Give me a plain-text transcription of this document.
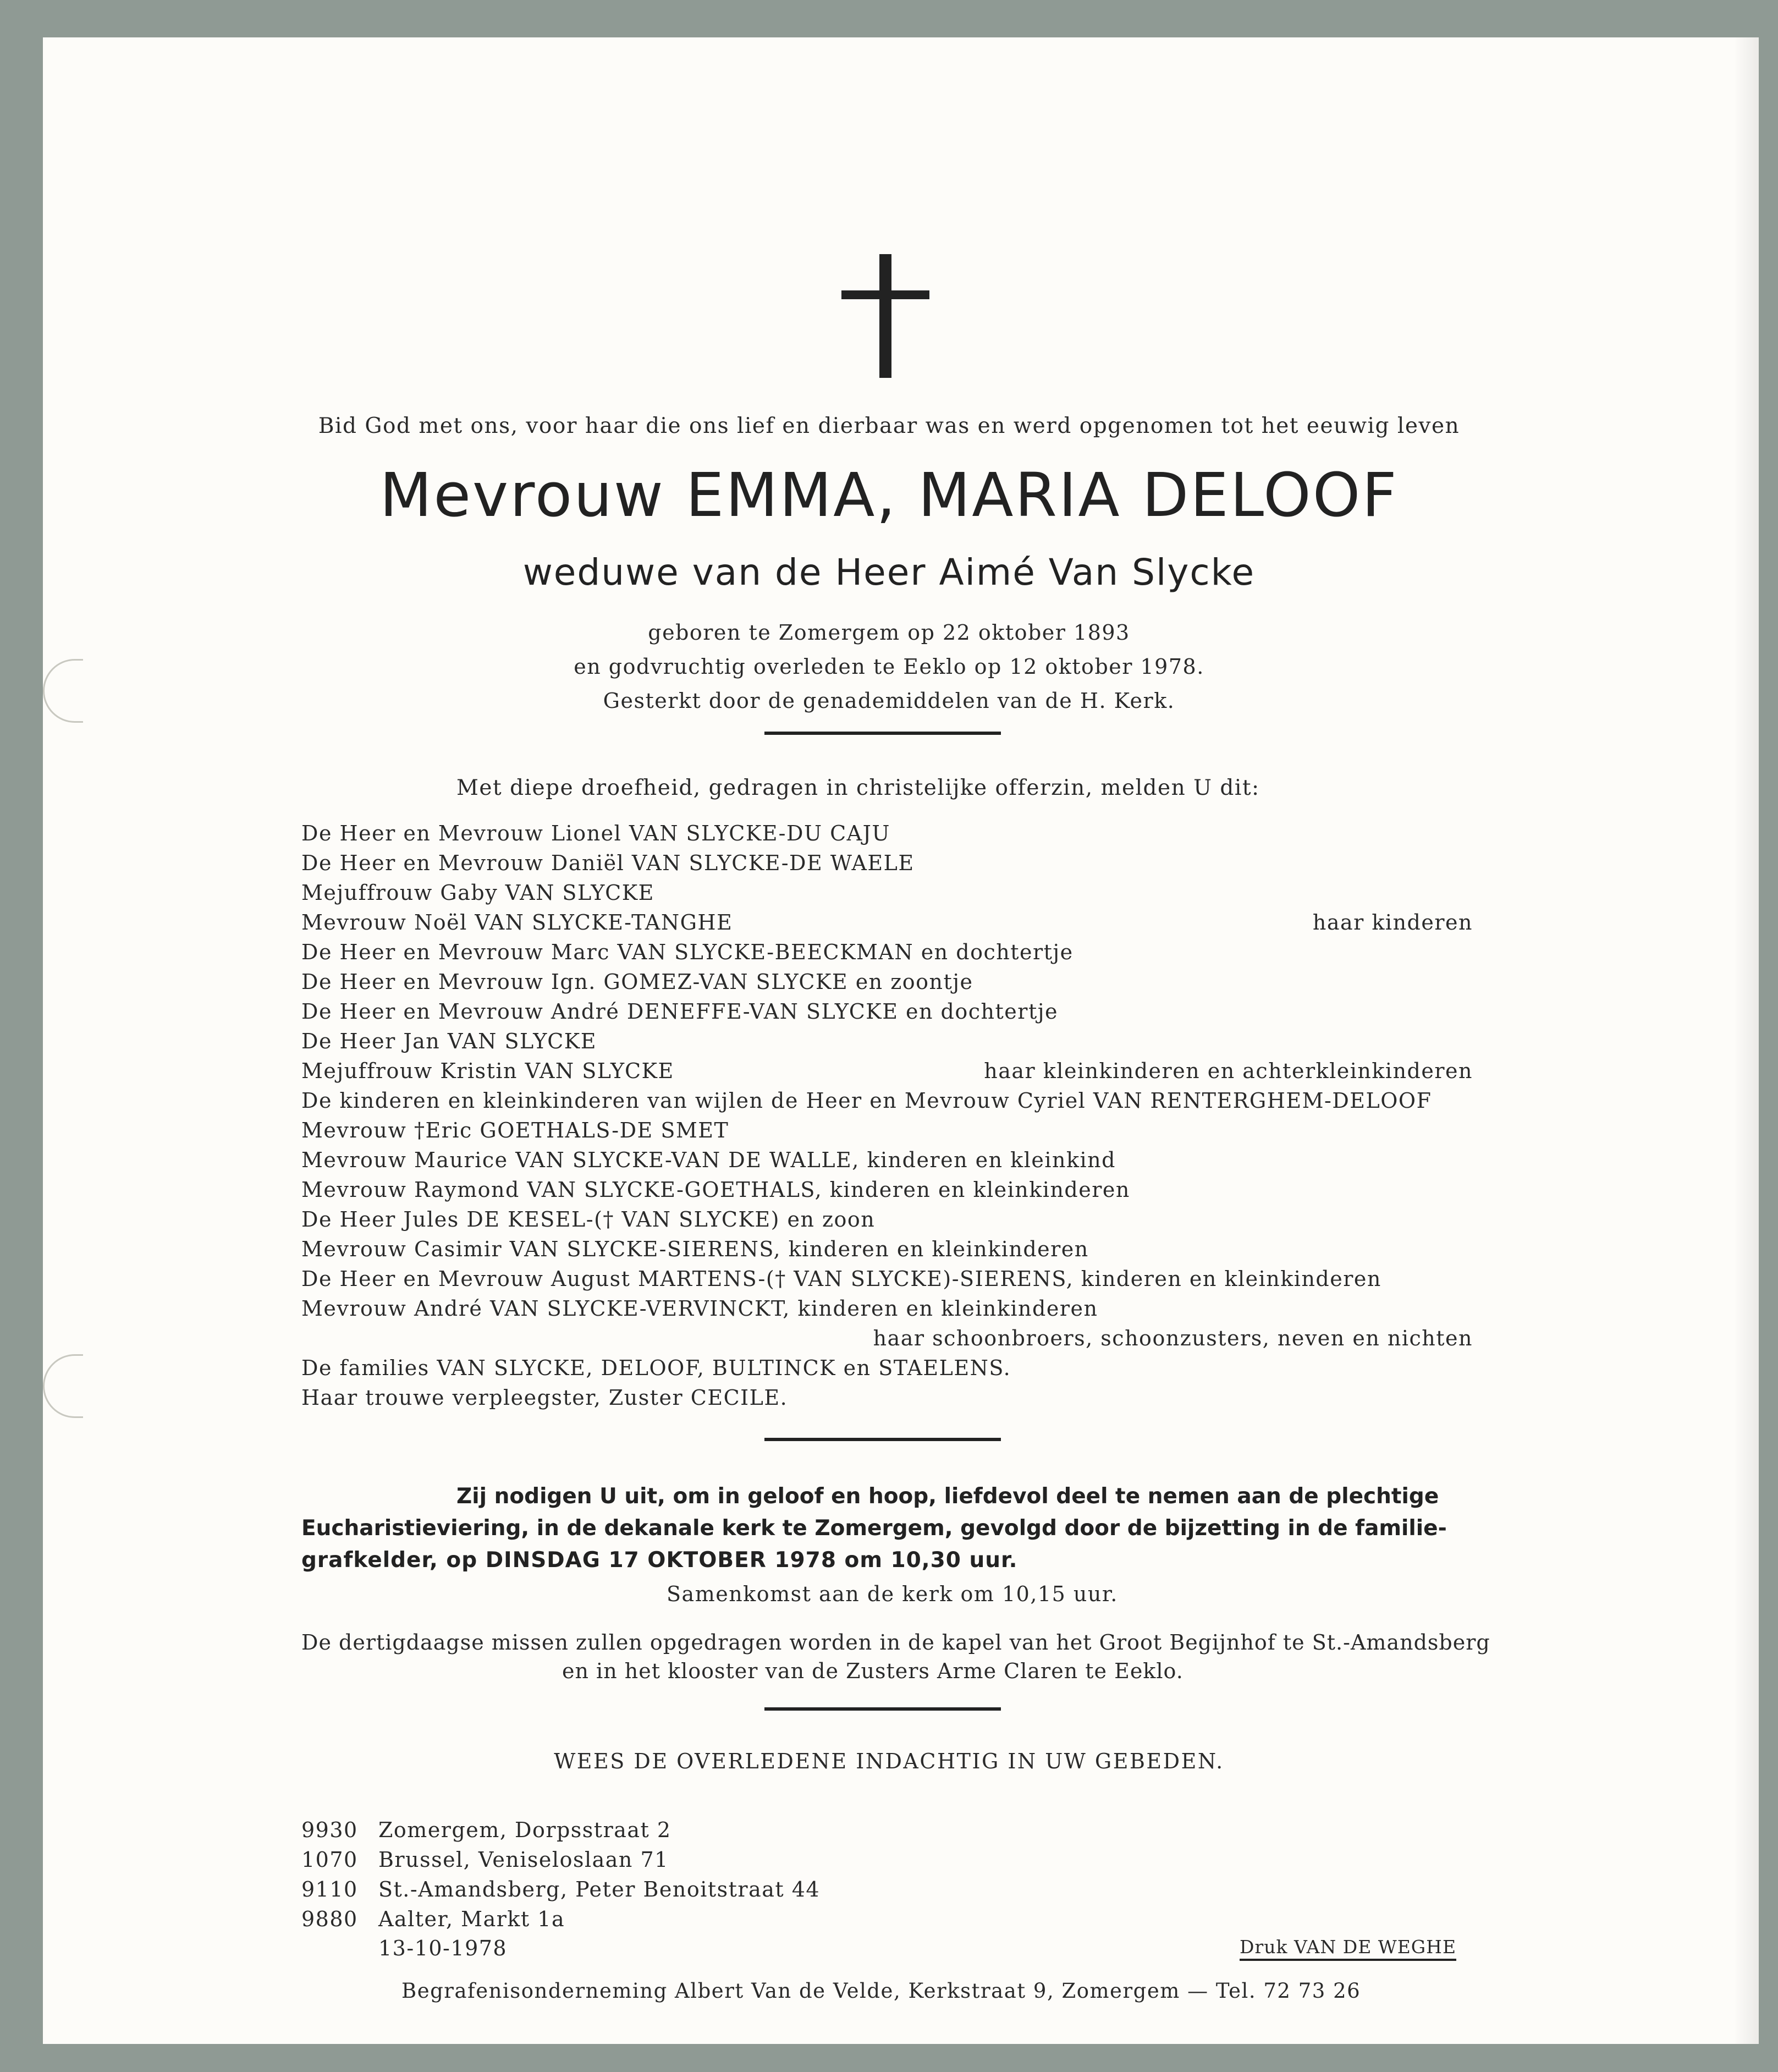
Bid God met ons, voor haar die ons lief en dierbaar was en werd opgenomen tot het eeuwig leven
Mevrouw EMMA, MARIA DELOOF
weduwe van de Heer Aimé Van Slycke
geboren te Zomergem op 22 oktober 1893
en godvruchtig overleden te Eeklo op 12 oktober 1978.
Gesterkt door de genademiddelen van de H. Kerk.
Met diepe droefheid, gedragen in christelijke offerzin, melden U dit:
De Heer en Mevrouw Lionel VAN SLYCKE-DU CAJU
De Heer en Mevrouw Daniël VAN SLYCKE-DE WAELE
Mejuffrouw Gaby VAN SLYCKE
Mevrouw Noël VAN SLYCKE-TANGHE	haar kinderen
De Heer en Mevrouw Marc VAN SLYCKE-BEECKMAN en dochtertje
De Heer en Mevrouw Ign. GOMEZ-VAN SLYCKE en zoontje
De Heer en Mevrouw André DENEFFE-VAN SLYCKE en dochtertje
De Heer Jan VAN SLYCKE
Mejuffrouw Kristin VAN SLYCKE	haar kleinkinderen en achterkleinkinderen
De kinderen en kleinkinderen van wijlen de Heer en Mevrouw Cyriel VAN RENTERGHEM-DELOOF
Mevrouw †Eric GOETHALS-DE SMET
Mevrouw Maurice VAN SLYCKE-VAN DE WALLE, kinderen en kleinkind
Mevrouw Raymond VAN SLYCKE-GOETHALS, kinderen en kleinkinderen
De Heer Jules DE KESEL-(† VAN SLYCKE) en zoon
Mevrouw Casimir VAN SLYCKE-SIERENS, kinderen en kleinkinderen
De Heer en Mevrouw August MARTENS-(† VAN SLYCKE)-SIERENS, kinderen en kleinkinderen
Mevrouw André VAN SLYCKE-VERVINCKT, kinderen en kleinkinderen
haar schoonbroers, schoonzusters, neven en nichten
De families VAN SLYCKE, DELOOF, BULTINCK en STAELENS.
Haar trouwe verpleegster, Zuster CECILE.
Zij nodigen U uit, om in geloof en hoop, liefdevol deel te nemen aan de plechtige
Eucharistieviering, in de dekanale kerk te Zomergem, gevolgd door de bijzetting in de familie-
grafkelder, op DINSDAG 17 OKTOBER 1978 om 10,30 uur.
Samenkomst aan de kerk om 10,15 uur.
De dertigdaagse missen zullen opgedragen worden in de kapel van het Groot Begijnhof te St.-Amandsberg
en in het klooster van de Zusters Arme Claren te Eeklo.
WEES DE OVERLEDENE INDACHTIG IN UW GEBEDEN.
9930 Zomergem, Dorpsstraat 2
1070 Brussel, Veniseloslaan 71
9110 St.-Amandsberg, Peter Benoitstraat 44
9880 Aalter, Markt 1a
13-10-1978	Druk VAN DE WEGHE
Begrafenisonderneming Albert Van de Velde, Kerkstraat 9, Zomergem — Tel. 72 73 26
